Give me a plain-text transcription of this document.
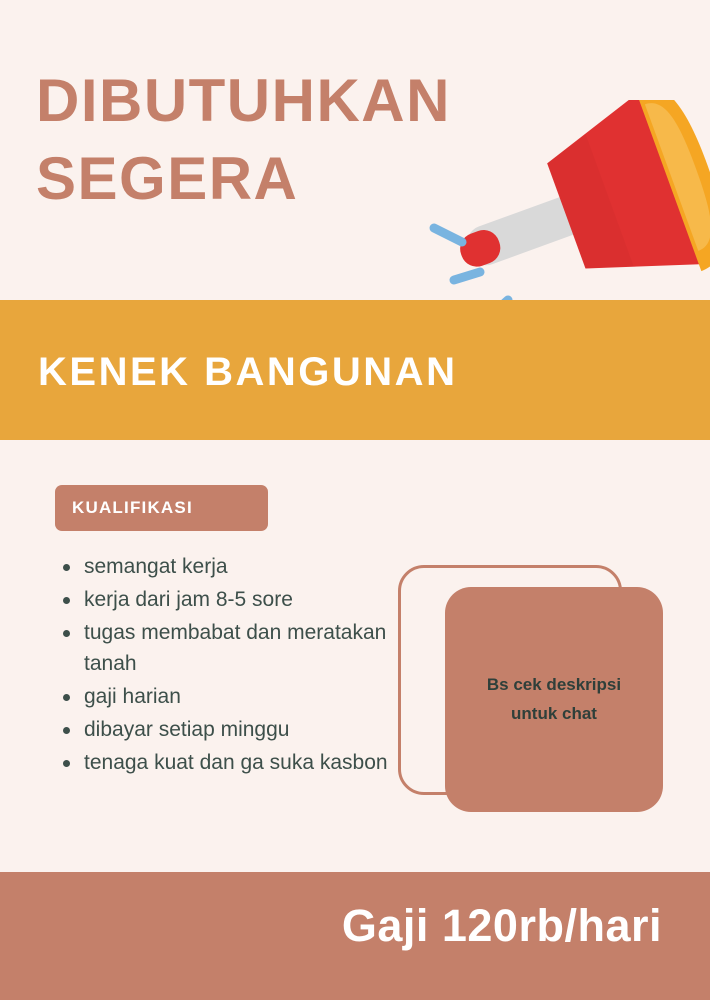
DIBUTUHKAN
SEGERA
KENEK BANGUNAN
KUALIFIKASI
semangat kerja
kerja dari jam 8-5 sore
tugas membabat dan meratakan tanah
gaji harian
dibayar setiap minggu
tenaga kuat dan ga suka kasbon
Bs cek deskripsi
untuk chat
Gaji 120rb/hari
